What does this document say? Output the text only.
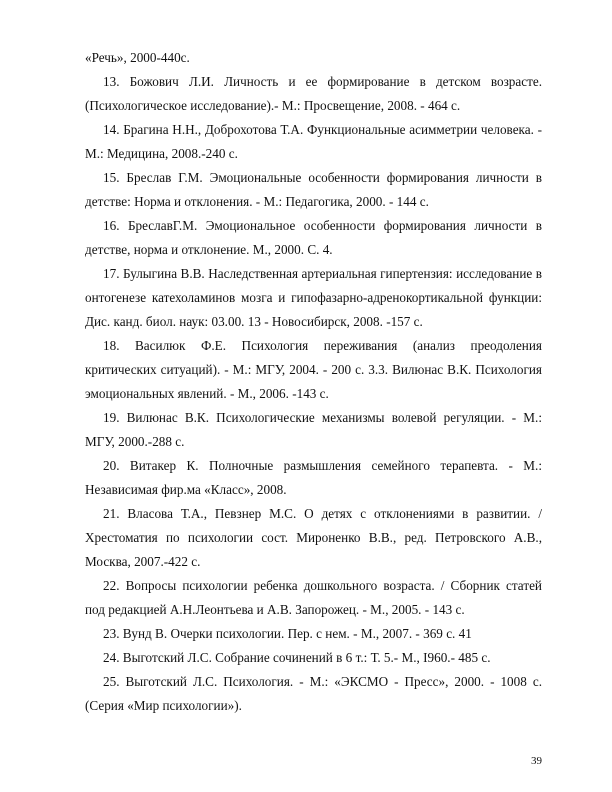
«Речь», 2000-440с.

13. Божович Л.И. Личность и ее формирование в детском возрасте. (Психологическое исследование).- М.: Просвещение, 2008. - 464 с.

14. Брагина Н.Н., Доброхотова Т.А. Функциональные асимметрии человека. - М.: Медицина, 2008.-240 с.

15. Бреслав Г.М. Эмоциональные особенности формирования личности в детстве: Норма и отклонения. - М.: Педагогика, 2000. - 144 с.

16. БреславГ.М. Эмоциональное особенности формирования личности в детстве, норма и отклонение. М., 2000. С. 4.

17. Булыгина В.В. Наследственная артериальная гипертензия: исследование в онтогенезе катехоламинов мозга и гипофазарно-адренокортикальной функции: Дис. канд. биол. наук: 03.00. 13 - Новосибирск, 2008. -157 с.

18. Василюк Ф.Е. Психология переживания (анализ преодоления критических ситуаций). - М.: МГУ, 2004. - 200 с. 3.3. Вилюнас В.К. Психология эмоциональных явлений. - М., 2006. -143 с.

19. Вилюнас В.К. Психологические механизмы волевой регуляции. - М.: МГУ, 2000.-288 с.

20. Витакер К. Полночные размышления семейного терапевта. - М.: Независимая фир.ма «Класс», 2008.

21. Власова Т.А., Певзнер М.С. О детях с отклонениями в развитии. / Хрестоматия по психологии сост. Мироненко В.В., ред. Петровского А.В., Москва, 2007.-422 с.

22. Вопросы психологии ребенка дошкольного возраста. / Сборник статей под редакцией А.Н.Леонтьева и А.В. Запорожец. - М., 2005. - 143 с.

23. Вунд В. Очерки психологии. Пер. с нем. - М., 2007. - 369 с. 41

24. Выготский Л.С. Собрание сочинений в 6 т.: Т. 5.- М., I960.- 485 с.

25. Выготский Л.С. Психология. - М.: «ЭКСМО - Пресс», 2000. - 1008 с. (Серия «Мир психологии»).

39
